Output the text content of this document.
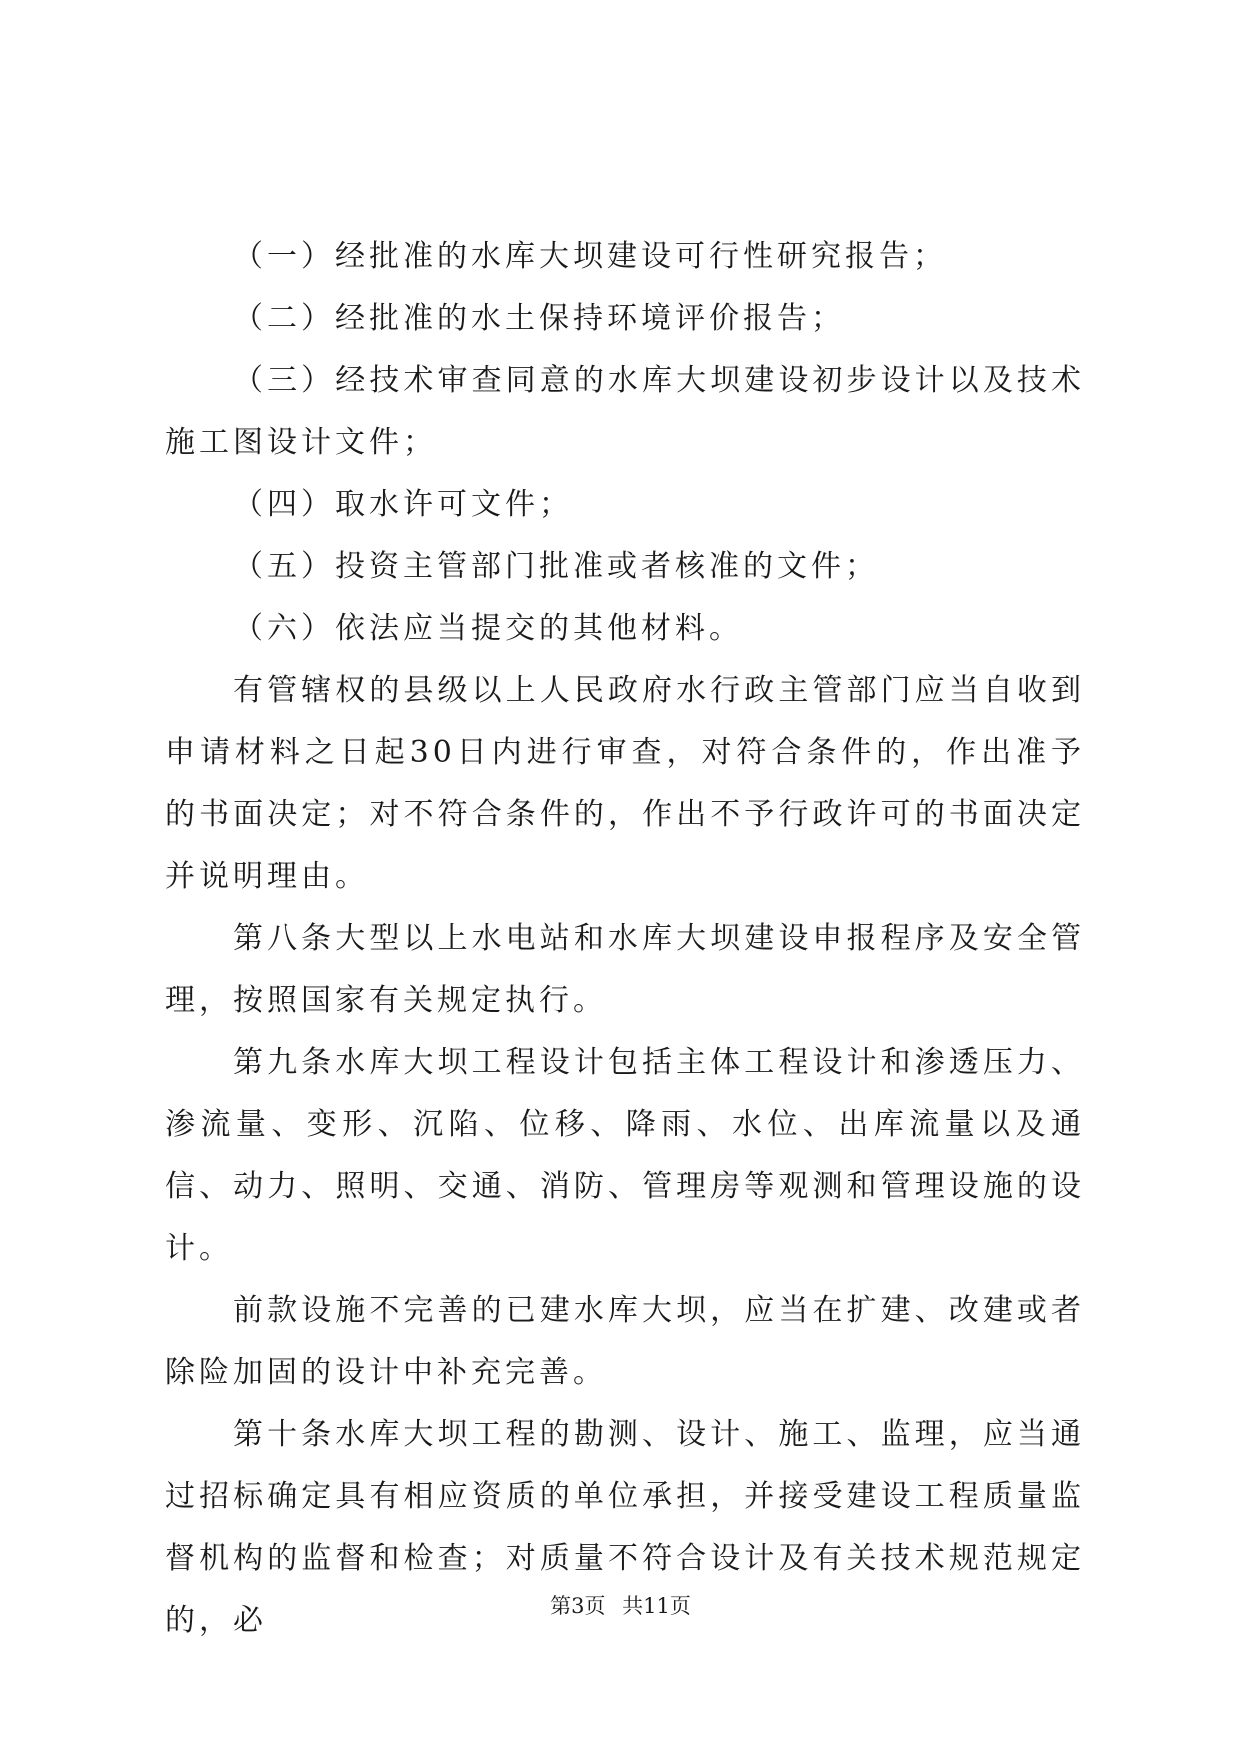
（一）经批准的水库大坝建设可行性研究报告；

（二）经批准的水土保持环境评价报告；

（三）经技术审查同意的水库大坝建设初步设计以及技术施工图设计文件；

（四）取水许可文件；

（五）投资主管部门批准或者核准的文件；

（六）依法应当提交的其他材料。

有管辖权的县级以上人民政府水行政主管部门应当自收到申请材料之日起30日内进行审查，对符合条件的，作出准予的书面决定；对不符合条件的，作出不予行政许可的书面决定并说明理由。

第八条大型以上水电站和水库大坝建设申报程序及安全管理，按照国家有关规定执行。

第九条水库大坝工程设计包括主体工程设计和渗透压力、渗流量、变形、沉陷、位移、降雨、水位、出库流量以及通信、动力、照明、交通、消防、管理房等观测和管理设施的设计。

前款设施不完善的已建水库大坝，应当在扩建、改建或者除险加固的设计中补充完善。

第十条水库大坝工程的勘测、设计、施工、监理，应当通过招标确定具有相应资质的单位承担，并接受建设工程质量监督机构的监督和检查；对质量不符合设计及有关技术规范规定的，必	第3页 共11页
